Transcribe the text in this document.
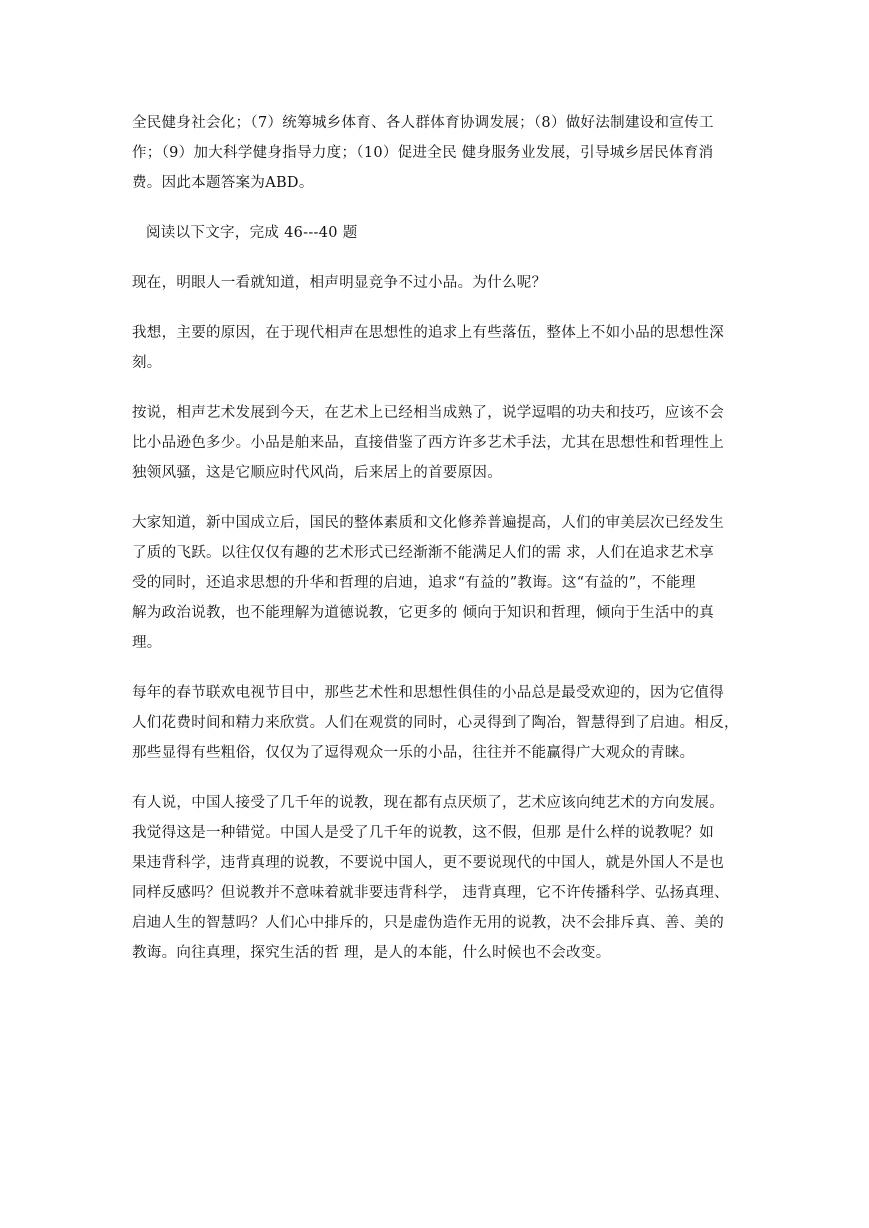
全民健身社会化；（7）统筹城乡体育、各人群体育协调发展；（8）做好法制建设和宣传工
作；（9）加大科学健身指导力度；（10）促进全民 健身服务业发展，引导城乡居民体育消
费。因此本题答案为ABD。

阅读以下文字，完成 46---40 题

现在，明眼人一看就知道，相声明显竞争不过小品。为什么呢？

我想，主要的原因，在于现代相声在思想性的追求上有些落伍，整体上不如小品的思想性深
刻。

按说，相声艺术发展到今天，在艺术上已经相当成熟了，说学逗唱的功夫和技巧，应该不会
比小品逊色多少。小品是舶来品，直接借鉴了西方许多艺术手法，尤其在思想性和哲理性上
独领风骚，这是它顺应时代风尚，后来居上的首要原因。

大家知道，新中国成立后，国民的整体素质和文化修养普遍提高，人们的审美层次已经发生
了质的飞跃。以往仅仅有趣的艺术形式已经渐渐不能满足人们的需 求，人们在追求艺术享
受的同时，还追求思想的升华和哲理的启迪，追求“有益的”教诲。这“有益的”，不能理
解为政治说教，也不能理解为道德说教，它更多的 倾向于知识和哲理，倾向于生活中的真
理。

每年的春节联欢电视节目中，那些艺术性和思想性俱佳的小品总是最受欢迎的，因为它值得
人们花费时间和精力来欣赏。人们在观赏的同时，心灵得到了陶冶，智慧得到了启迪。相反，
那些显得有些粗俗，仅仅为了逗得观众一乐的小品，往往并不能赢得广大观众的青睐。

有人说，中国人接受了几千年的说教，现在都有点厌烦了，艺术应该向纯艺术的方向发展。
我觉得这是一种错觉。中国人是受了几千年的说教，这不假，但那 是什么样的说教呢？如
果违背科学，违背真理的说教，不要说中国人，更不要说现代的中国人，就是外国人不是也
同样反感吗？但说教并不意味着就非要违背科学， 违背真理，它不许传播科学、弘扬真理、
启迪人生的智慧吗？人们心中排斥的，只是虚伪造作无用的说教，决不会排斥真、善、美的
教诲。向往真理，探究生活的哲 理，是人的本能，什么时候也不会改变。
